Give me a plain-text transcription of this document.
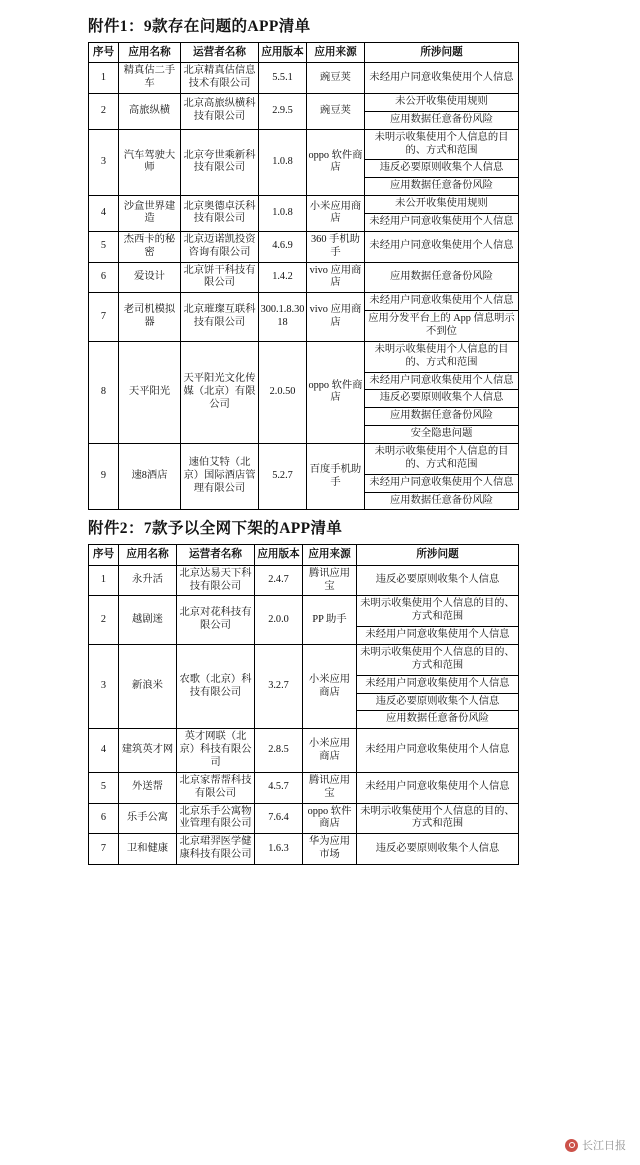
附件1：9款存在问题的APP清单
序号	应用名称	运营者名称	应用版本	应用来源	所涉问题
1	精真估二手车	北京精真估信息技术有限公司	5.5.1	豌豆荚	未经用户同意收集使用个人信息
2	高旅纵横	北京高旅纵横科技有限公司	2.9.5	豌豆荚	未公开收集使用规则
					应用数据任意备份风险
3	汽车驾驶大师	北京夸世乘新科技有限公司	1.0.8	oppo 软件商店	未明示收集使用个人信息的目的、方式和范围
					违反必要原则收集个人信息
					应用数据任意备份风险
4	沙盒世界建造	北京奥德卓沃科技有限公司	1.0.8	小米应用商店	未公开收集使用规则
					未经用户同意收集使用个人信息
5	杰西卡的秘密	北京迈诺凯投资咨询有限公司	4.6.9	360 手机助手	未经用户同意收集使用个人信息
6	爱设计	北京饼干科技有限公司	1.4.2	vivo 应用商店	应用数据任意备份风险
7	老司机模拟器	北京璀璨互联科技有限公司	300.1.8.3018	vivo 应用商店	未经用户同意收集使用个人信息
					应用分发平台上的 App 信息明示不到位
8	天平阳光	天平阳光文化传媒（北京）有限公司	2.0.50	oppo 软件商店	未明示收集使用个人信息的目的、方式和范围
					未经用户同意收集使用个人信息
					违反必要原则收集个人信息
					应用数据任意备份风险
					安全隐患问题
9	速8酒店	速伯艾特（北京）国际酒店管理有限公司	5.2.7	百度手机助手	未明示收集使用个人信息的目的、方式和范围
					未经用户同意收集使用个人信息
					应用数据任意备份风险
附件2：7款予以全网下架的APP清单
序号	应用名称	运营者名称	应用版本	应用来源	所涉问题
1	永升活	北京达易天下科技有限公司	2.4.7	腾讯应用宝	违反必要原则收集个人信息
2	越剧迷	北京对花科技有限公司	2.0.0	PP 助手	未明示收集使用个人信息的目的、方式和范围
					未经用户同意收集使用个人信息
3	新浪米	农歌（北京）科技有限公司	3.2.7	小米应用商店	未明示收集使用个人信息的目的、方式和范围
					未经用户同意收集使用个人信息
					违反必要原则收集个人信息
					应用数据任意备份风险
4	建筑英才网	英才网联（北京）科技有限公司	2.8.5	小米应用商店	未经用户同意收集使用个人信息
5	外送帮	北京家帮帮科技有限公司	4.5.7	腾讯应用宝	未经用户同意收集使用个人信息
6	乐手公寓	北京乐手公寓物业管理有限公司	7.6.4	oppo 软件商店	未明示收集使用个人信息的目的、方式和范围
7	卫和健康	北京珺羿医学健康科技有限公司	1.6.3	华为应用市场	违反必要原则收集个人信息
长江日报
